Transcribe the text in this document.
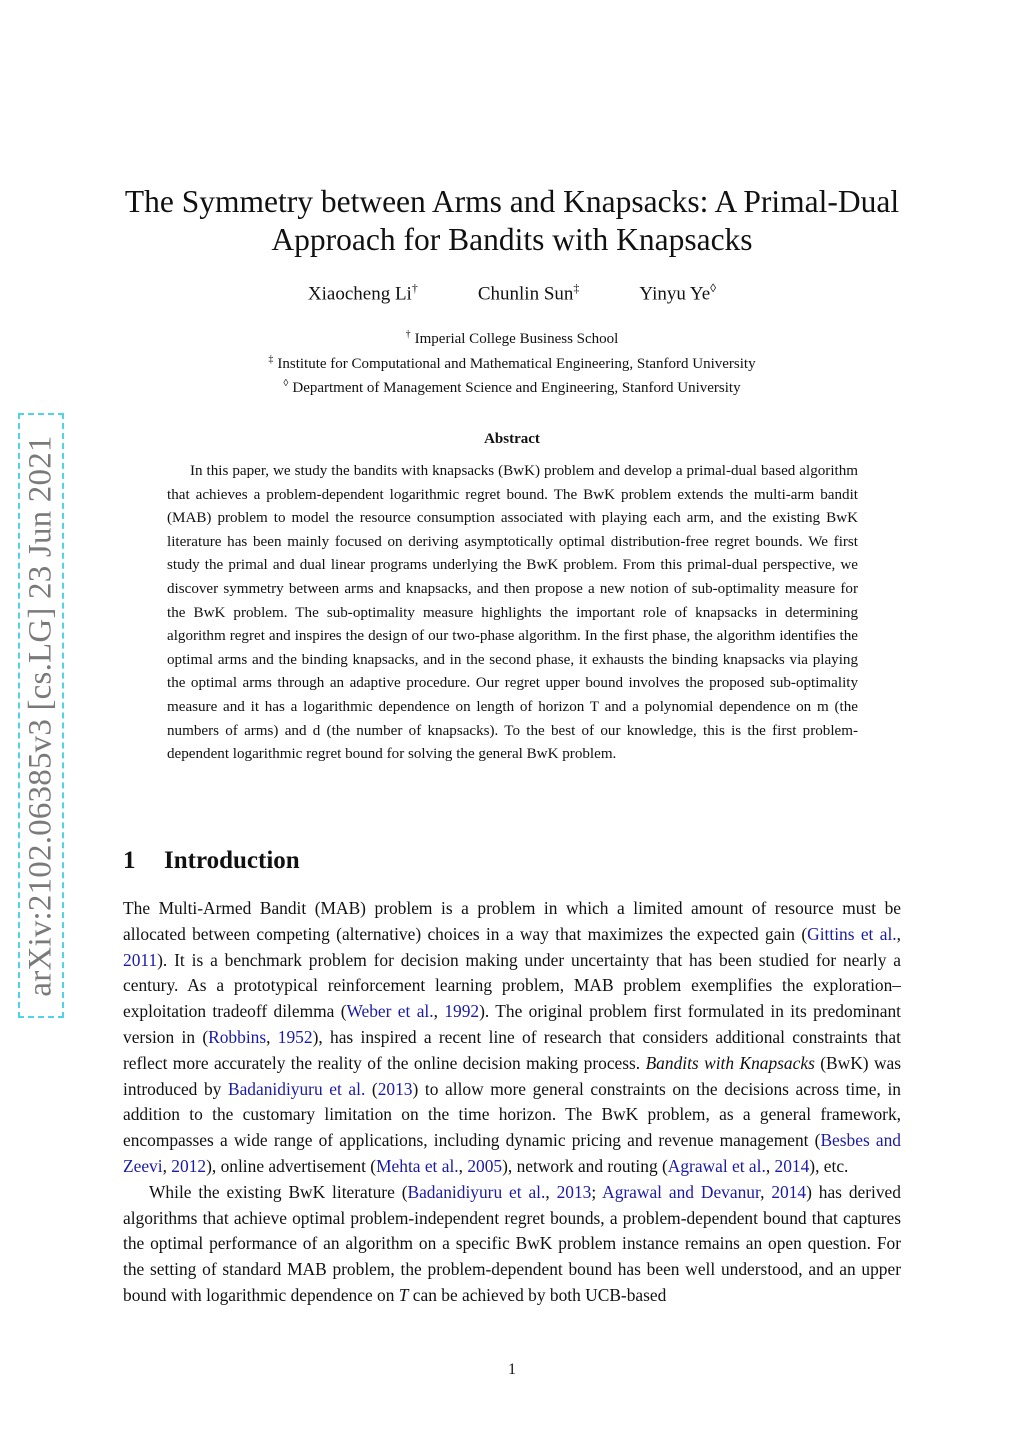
arXiv:2102.06385v3 [cs.LG] 23 Jun 2021
The Symmetry between Arms and Knapsacks: A Primal-Dual
Approach for Bandits with Knapsacks
Xiaocheng Li†	Chunlin Sun‡	Yinyu Ye◊
† Imperial College Business School
‡ Institute for Computational and Mathematical Engineering, Stanford University
◊ Department of Management Science and Engineering, Stanford University
Abstract
In this paper, we study the bandits with knapsacks (BwK) problem and develop a primal-dual based algorithm that achieves a problem-dependent logarithmic regret bound. The BwK problem extends the multi-arm bandit (MAB) problem to model the resource consumption associated with playing each arm, and the existing BwK literature has been mainly focused on deriving asymptotically optimal distribution-free regret bounds. We first study the primal and dual linear programs underlying the BwK problem. From this primal-dual perspective, we discover symmetry between arms and knapsacks, and then propose a new notion of sub-optimality measure for the BwK problem. The sub-optimality measure highlights the important role of knapsacks in determining algorithm regret and inspires the design of our two-phase algorithm. In the first phase, the algorithm identifies the optimal arms and the binding knapsacks, and in the second phase, it exhausts the binding knapsacks via playing the optimal arms through an adaptive procedure. Our regret upper bound involves the proposed sub-optimality measure and it has a logarithmic dependence on length of horizon T and a polynomial dependence on m (the numbers of arms) and d (the number of knapsacks). To the best of our knowledge, this is the first problem-dependent logarithmic regret bound for solving the general BwK problem.
1 Introduction

The Multi-Armed Bandit (MAB) problem is a problem in which a limited amount of resource must be allocated between competing (alternative) choices in a way that maximizes the expected gain (Gittins et al., 2011). It is a benchmark problem for decision making under uncertainty that has been studied for nearly a century. As a prototypical reinforcement learning problem, MAB problem exemplifies the exploration–exploitation tradeoff dilemma (Weber et al., 1992). The original problem first formulated in its predominant version in (Robbins, 1952), has inspired a recent line of research that considers additional constraints that reflect more accurately the reality of the online decision making process. Bandits with Knapsacks (BwK) was introduced by Badanidiyuru et al. (2013) to allow more general constraints on the decisions across time, in addition to the customary limitation on the time horizon. The BwK problem, as a general framework, encompasses a wide range of applications, including dynamic pricing and revenue management (Besbes and Zeevi, 2012), online advertisement (Mehta et al., 2005), network and routing (Agrawal et al., 2014), etc.

While the existing BwK literature (Badanidiyuru et al., 2013; Agrawal and Devanur, 2014) has derived algorithms that achieve optimal problem-independent regret bounds, a problem-dependent bound that captures the optimal performance of an algorithm on a specific BwK problem instance remains an open question. For the setting of standard MAB problem, the problem-dependent bound has been well understood, and an upper bound with logarithmic dependence on T can be achieved by both UCB-based

1
